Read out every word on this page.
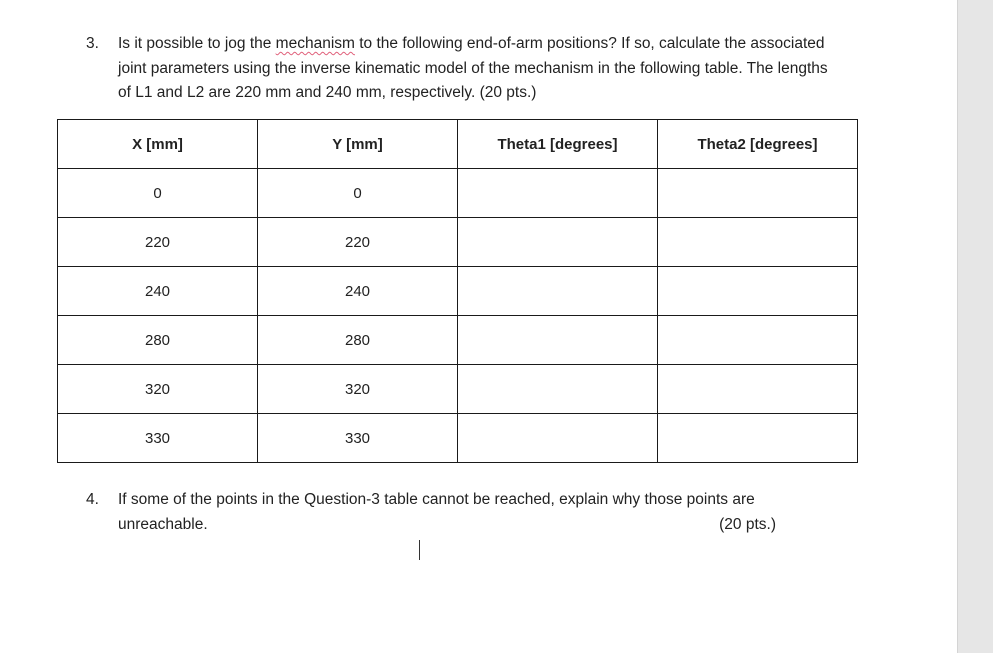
3. Is it possible to jog the mechanism to the following end-of-arm positions? If so, calculate the associated joint parameters using the inverse kinematic model of the mechanism in the following table. The lengths of L1 and L2 are 220 mm and 240 mm, respectively. (20 pts.)
X [mm]	Y [mm]	Theta1 [degrees]	Theta2 [degrees]
0	0		
220	220		
240	240		
280	280		
320	320		
330	330		
4. If some of the points in the Question-3 table cannot be reached, explain why those points are unreachable.	(20 pts.)
